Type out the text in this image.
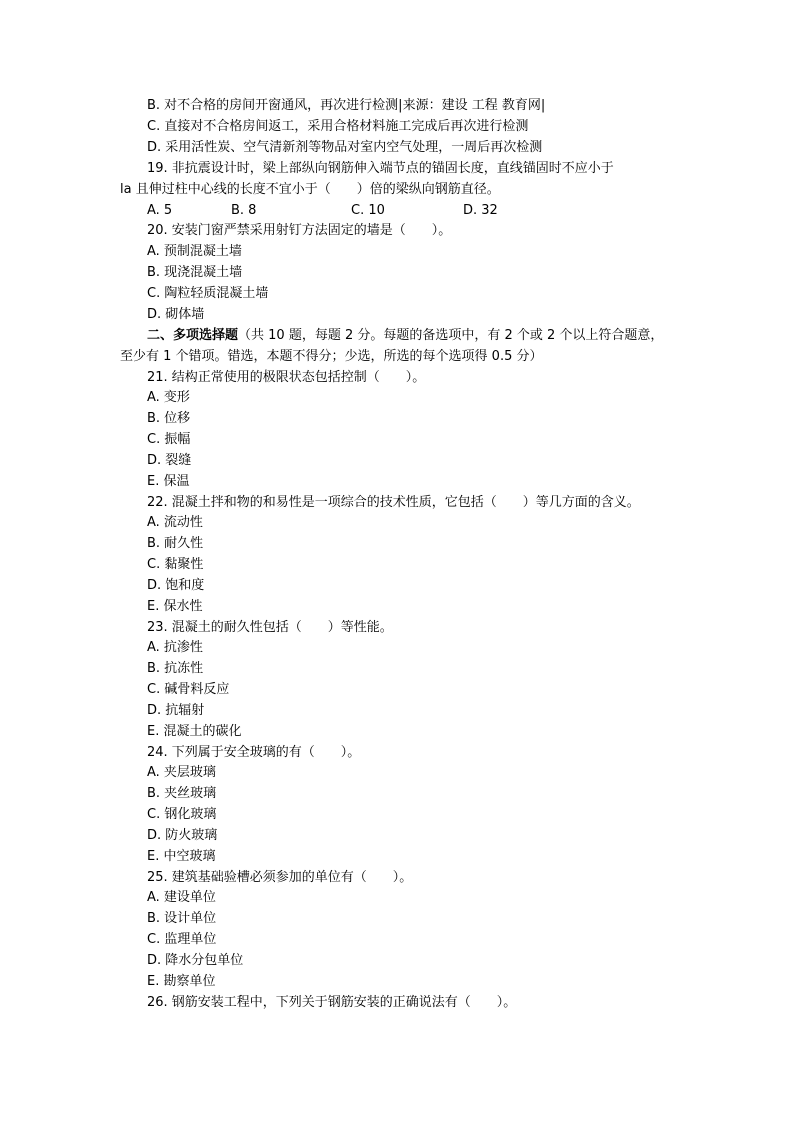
B. 对不合格的房间开窗通风，再次进行检测|来源：建设 工程 教育网|
C. 直接对不合格房间返工，采用合格材料施工完成后再次进行检测
D. 采用活性炭、空气清新剂等物品对室内空气处理，一周后再次检测
19. 非抗震设计时，梁上部纵向钢筋伸入端节点的锚固长度，直线锚固时不应小于
la 且伸过柱中心线的长度不宜小于（　　）倍的梁纵向钢筋直径。
A. 5	B. 8	C. 10	D. 32
20. 安装门窗严禁采用射钉方法固定的墙是（　　）。
A. 预制混凝土墙
B. 现浇混凝土墙
C. 陶粒轻质混凝土墙
D. 砌体墙
二、多项选择题（共 10 题，每题 2 分。每题的备选项中，有 2 个或 2 个以上符合题意，
至少有 1 个错项。错选，本题不得分；少选，所选的每个选项得 0.5 分）
21. 结构正常使用的极限状态包括控制（　　）。
A. 变形
B. 位移
C. 振幅
D. 裂缝
E. 保温
22. 混凝土拌和物的和易性是一项综合的技术性质，它包括（　　）等几方面的含义。
A. 流动性
B. 耐久性
C. 黏聚性
D. 饱和度
E. 保水性
23. 混凝土的耐久性包括（　　）等性能。
A. 抗渗性
B. 抗冻性
C. 碱骨料反应
D. 抗辐射
E. 混凝土的碳化
24. 下列属于安全玻璃的有（　　）。
A. 夹层玻璃
B. 夹丝玻璃
C. 钢化玻璃
D. 防火玻璃
E. 中空玻璃
25. 建筑基础验槽必须参加的单位有（　　）。
A. 建设单位
B. 设计单位
C. 监理单位
D. 降水分包单位
E. 勘察单位
26. 钢筋安装工程中，下列关于钢筋安装的正确说法有（　　）。
